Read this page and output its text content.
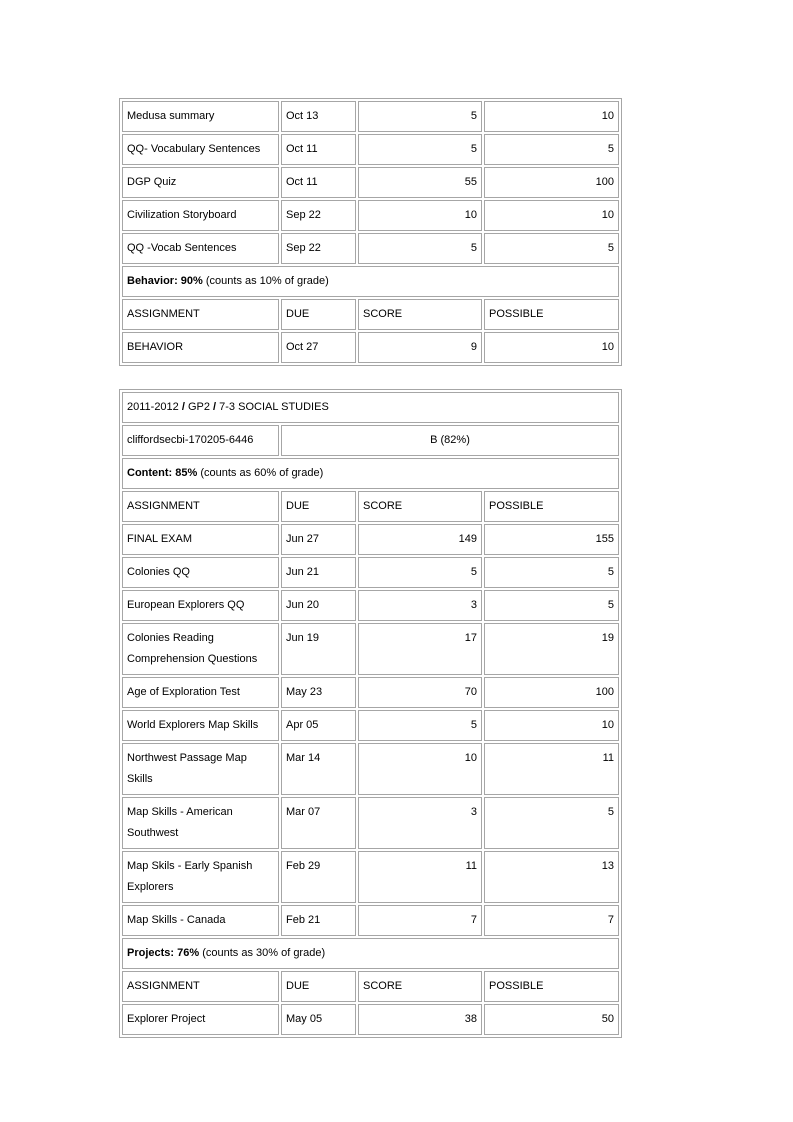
Medusa summary	Oct 13	5	10
QQ- Vocabulary Sentences	Oct 11	5	5
DGP Quiz	Oct 11	55	100
Civilization Storyboard	Sep 22	10	10
QQ -Vocab Sentences	Sep 22	5	5
Behavior: 90% (counts as 10% of grade)			
ASSIGNMENT	DUE	SCORE	POSSIBLE
BEHAVIOR	Oct 27	9	10
2011-2012 / GP2 / 7-3 SOCIAL STUDIES			
cliffordsecbi-170205-6446	B (82%)		
Content: 85% (counts as 60% of grade)			
ASSIGNMENT	DUE	SCORE	POSSIBLE
FINAL EXAM	Jun 27	149	155
Colonies QQ	Jun 21	5	5
European Explorers QQ	Jun 20	3	5
Colonies Reading Comprehension Questions	Jun 19	17	19
Age of Exploration Test	May 23	70	100
World Explorers Map Skills	Apr 05	5	10
Northwest Passage Map Skills	Mar 14	10	11
Map Skills - American Southwest	Mar 07	3	5
Map Skils - Early Spanish Explorers	Feb 29	11	13
Map Skills - Canada	Feb 21	7	7
Projects: 76% (counts as 30% of grade)			
ASSIGNMENT	DUE	SCORE	POSSIBLE
Explorer Project	May 05	38	50
